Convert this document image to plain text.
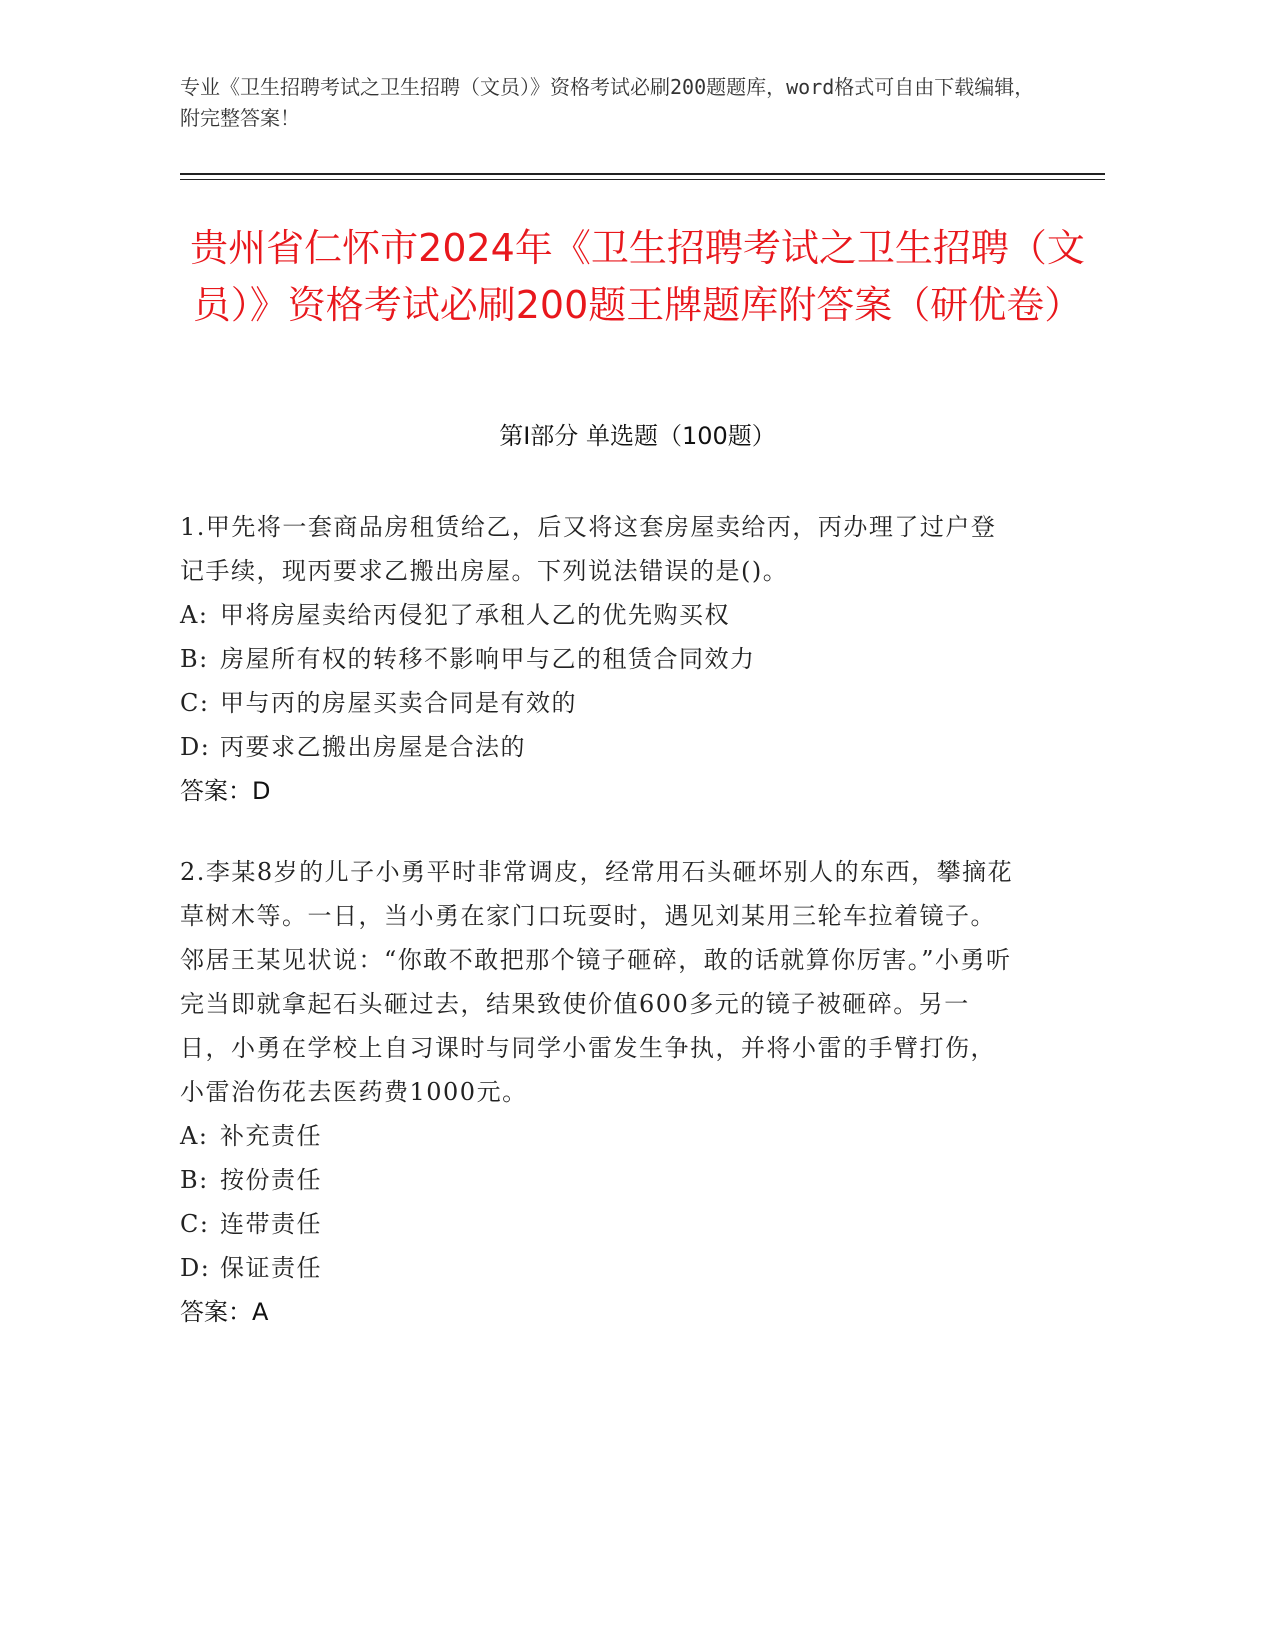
专业《卫生招聘考试之卫生招聘（文员）》资格考试必刷200题题库，word格式可自由下载编辑，附完整答案！
贵州省仁怀市2024年《卫生招聘考试之卫生招聘（文员）》资格考试必刷200题王牌题库附答案（研优卷）
第Ⅰ部分 单选题（100题）

1.甲先将一套商品房租赁给乙，后又将这套房屋卖给丙，丙办理了过户登记手续，现丙要求乙搬出房屋。下列说法错误的是()。

A: 甲将房屋卖给丙侵犯了承租人乙的优先购买权

B: 房屋所有权的转移不影响甲与乙的租赁合同效力

C: 甲与丙的房屋买卖合同是有效的

D: 丙要求乙搬出房屋是合法的

答案：D

2.李某8岁的儿子小勇平时非常调皮，经常用石头砸坏别人的东西，攀摘花草树木等。一日，当小勇在家门口玩耍时，遇见刘某用三轮车拉着镜子。邻居王某见状说：“你敢不敢把那个镜子砸碎，敢的话就算你厉害。”小勇听完当即就拿起石头砸过去，结果致使价值600多元的镜子被砸碎。另一日，小勇在学校上自习课时与同学小雷发生争执，并将小雷的手臂打伤，小雷治伤花去医药费1000元。

A: 补充责任

B: 按份责任

C: 连带责任

D: 保证责任

答案：A
